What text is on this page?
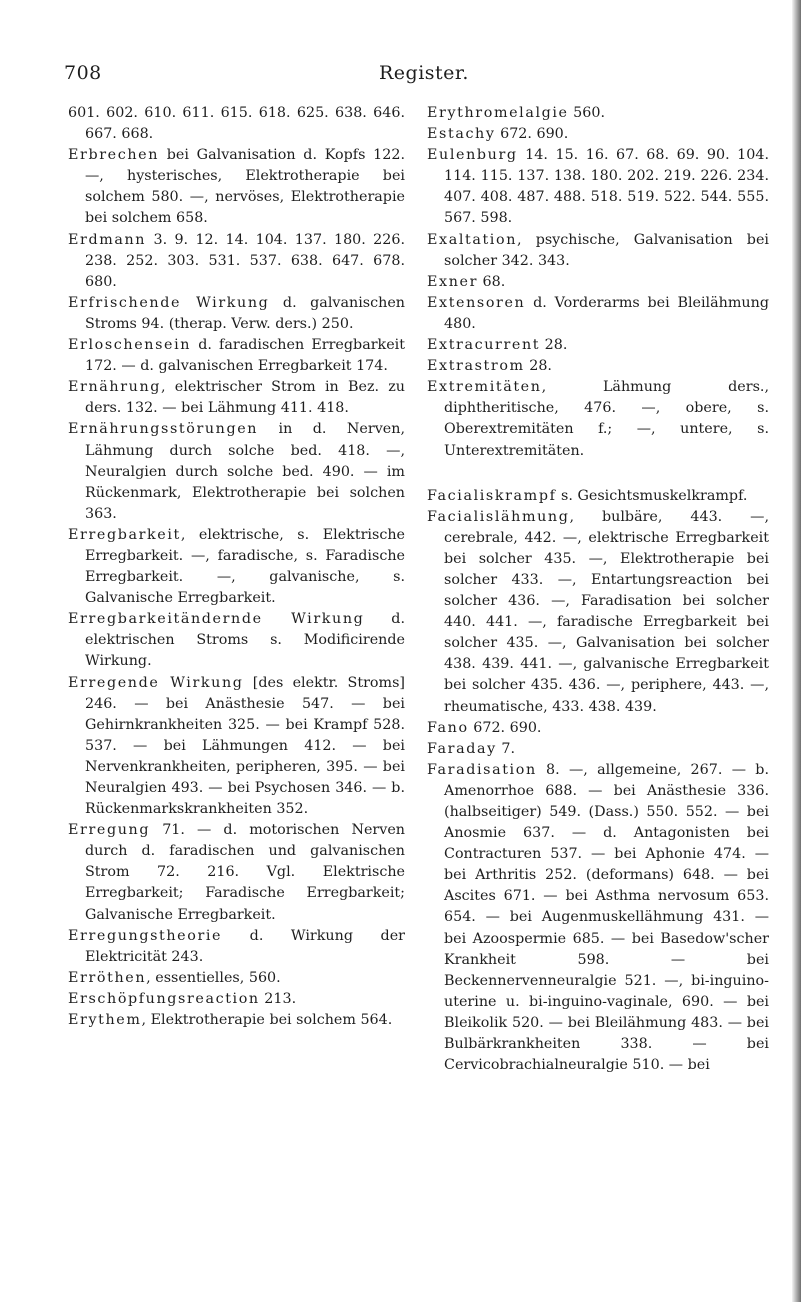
708	Register.

601. 602. 610. 611. 615. 618. 625. 638. 646. 667. 668.

Erbrechen bei Galvanisation d. Kopfs 122. —, hysterisches, Elektrotherapie bei solchem 580. —, nervöses, Elektrotherapie bei solchem 658.

Erdmann 3. 9. 12. 14. 104. 137. 180. 226. 238. 252. 303. 531. 537. 638. 647. 678. 680.

Erfrischende Wirkung d. galvanischen Stroms 94. (therap. Verw. ders.) 250.

Erloschensein d. faradischen Erregbarkeit 172. — d. galvanischen Erregbarkeit 174.

Ernährung, elektrischer Strom in Bez. zu ders. 132. — bei Lähmung 411. 418.

Ernährungsstörungen in d. Nerven, Lähmung durch solche bed. 418. —, Neuralgien durch solche bed. 490. — im Rückenmark, Elektrotherapie bei solchen 363.

Erregbarkeit, elektrische, s. Elektrische Erregbarkeit. —, faradische, s. Faradische Erregbarkeit. —, galvanische, s. Galvanische Erregbarkeit.

Erregbarkeitändernde Wirkung d. elektrischen Stroms s. Modificirende Wirkung.

Erregende Wirkung [des elektr. Stroms] 246. — bei Anästhesie 547. — bei Gehirnkrankheiten 325. — bei Krampf 528. 537. — bei Lähmungen 412. — bei Nervenkrankheiten, peripheren, 395. — bei Neuralgien 493. — bei Psychosen 346. — b. Rückenmarkskrankheiten 352.

Erregung 71. — d. motorischen Nerven durch d. faradischen und galvanischen Strom 72. 216. Vgl. Elektrische Erregbarkeit; Faradische Erregbarkeit; Galvanische Erregbarkeit.

Erregungstheorie d. Wirkung der Elektricität 243.

Erröthen, essentielles, 560.

Erschöpfungsreaction 213.

Erythem, Elektrotherapie bei solchem 564.

Erythromelalgie 560.

Estachy 672. 690.

Eulenburg 14. 15. 16. 67. 68. 69. 90. 104. 114. 115. 137. 138. 180. 202. 219. 226. 234. 407. 408. 487. 488. 518. 519. 522. 544. 555. 567. 598.

Exaltation, psychische, Galvanisation bei solcher 342. 343.

Exner 68.

Extensoren d. Vorderarms bei Bleilähmung 480.

Extracurrent 28.

Extrastrom 28.

Extremitäten, Lähmung ders., diphtheritische, 476. —, obere, s. Oberextremitäten f.; —, untere, s. Unterextremitäten.

Facialiskrampf s. Gesichtsmuskelkrampf.

Facialislähmung, bulbäre, 443. —, cerebrale, 442. —, elektrische Erregbarkeit bei solcher 435. —, Elektrotherapie bei solcher 433. —, Entartungsreaction bei solcher 436. —, Faradisation bei solcher 440. 441. —, faradische Erregbarkeit bei solcher 435. —, Galvanisation bei solcher 438. 439. 441. —, galvanische Erregbarkeit bei solcher 435. 436. —, periphere, 443. —, rheumatische, 433. 438. 439.

Fano 672. 690.

Faraday 7.

Faradisation 8. —, allgemeine, 267. — b. Amenorrhoe 688. — bei Anästhesie 336. (halbseitiger) 549. (Dass.) 550. 552. — bei Anosmie 637. — d. Antagonisten bei Contracturen 537. — bei Aphonie 474. — bei Arthritis 252. (deformans) 648. — bei Ascites 671. — bei Asthma nervosum 653. 654. — bei Augenmuskellähmung 431. — bei Azoospermie 685. — bei Basedow'scher Krankheit 598. — bei Beckennervenneuralgie 521. —, bi-inguino-uterine u. bi-inguino-vaginale, 690. — bei Bleikolik 520. — bei Bleilähmung 483. — bei Bulbärkrankheiten 338. — bei Cervicobrachialneuralgie 510. — bei
